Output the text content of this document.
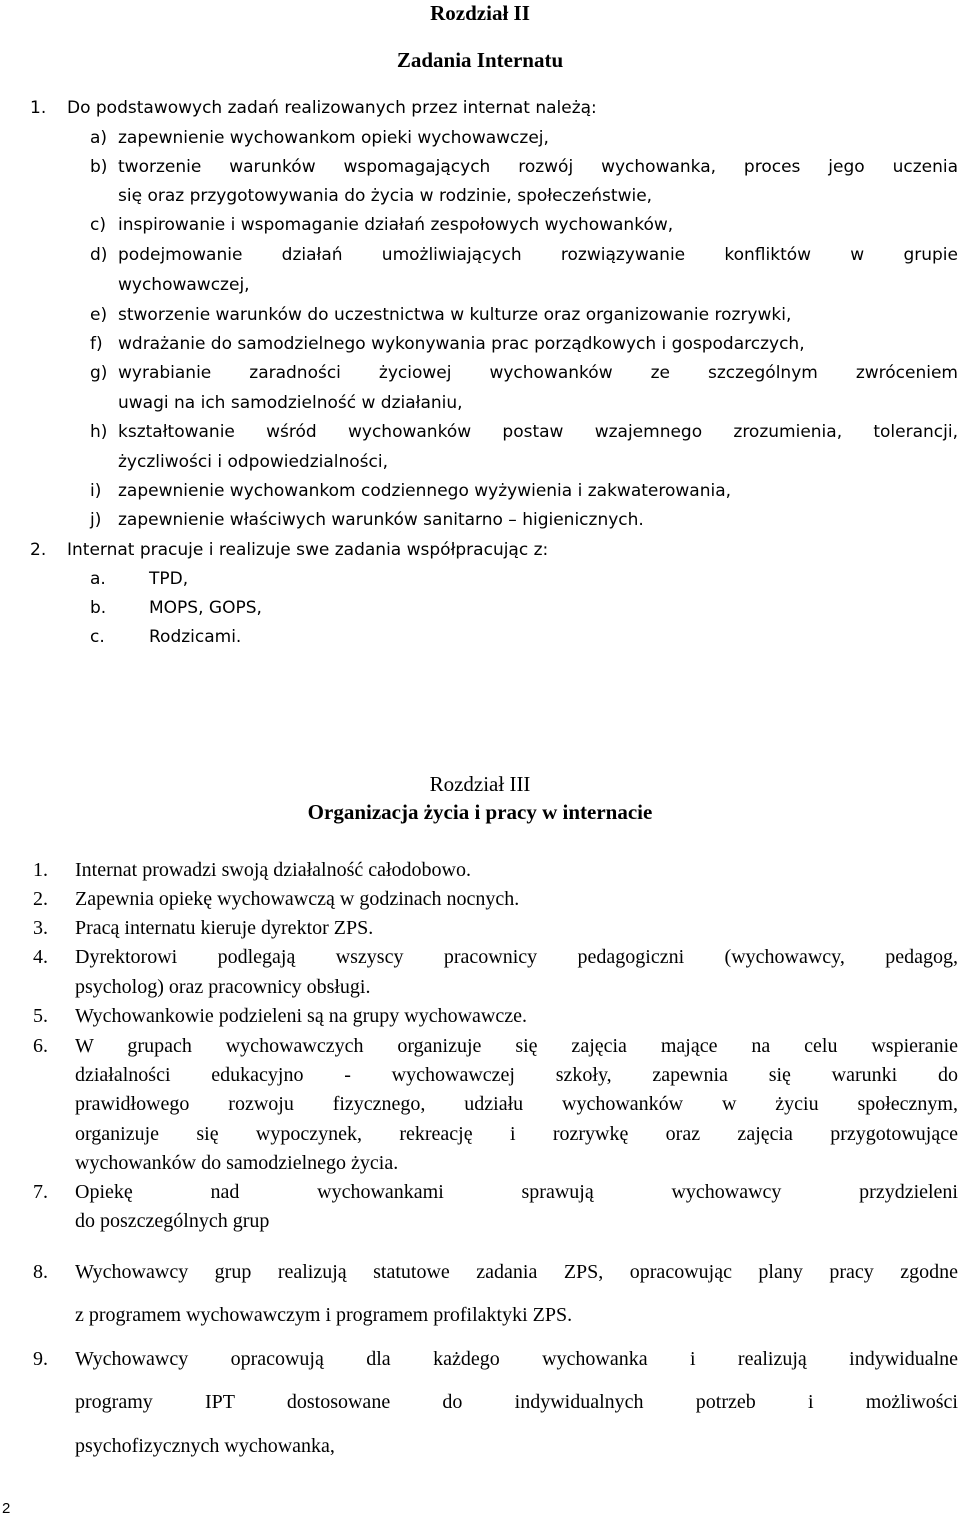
Rozdział II
Zadania Internatu
1. Do podstawowych zadań realizowanych przez internat należą:
a) zapewnienie wychowankom opieki wychowawczej,
b) tworzenie warunków wspomagających rozwój wychowanka, proces jego uczenia
się oraz przygotowywania do życia w rodzinie, społeczeństwie,
c) inspirowanie i wspomaganie działań zespołowych wychowanków,
d) podejmowanie działań umożliwiających rozwiązywanie konfliktów w grupie
wychowawczej,
e) stworzenie warunków do uczestnictwa w kulturze oraz organizowanie rozrywki,
f) wdrażanie do samodzielnego wykonywania prac porządkowych i gospodarczych,
g) wyrabianie zaradności życiowej wychowanków ze szczególnym zwróceniem
uwagi na ich samodzielność w działaniu,
h) kształtowanie wśród wychowanków postaw wzajemnego zrozumienia, tolerancji,
życzliwości i odpowiedzialności,
i) zapewnienie wychowankom codziennego wyżywienia i zakwaterowania,
j) zapewnienie właściwych warunków sanitarno – higienicznych.
2. Internat pracuje i realizuje swe zadania współpracując z:
a.	TPD,
b.	MOPS, GOPS,
c.	Rodzicami.
Rozdział III
Organizacja życia i pracy w internacie
1. Internat prowadzi swoją działalność całodobowo.
2. Zapewnia opiekę wychowawczą w godzinach nocnych.
3. Pracą internatu kieruje dyrektor ZPS.
4. Dyrektorowi podlegają wszyscy pracownicy pedagogiczni (wychowawcy, pedagog,
psycholog) oraz pracownicy obsługi.
5. Wychowankowie podzieleni są na grupy wychowawcze.
6. W grupach wychowawczych organizuje się zajęcia mające na celu wspieranie
działalności edukacyjno - wychowawczej szkoły, zapewnia się warunki do
prawidłowego rozwoju fizycznego, udziału wychowanków w życiu społecznym,
organizuje się wypoczynek, rekreację i rozrywkę oraz zajęcia przygotowujące
wychowanków do samodzielnego życia.
7. Opiekę nad wychowankami sprawują wychowawcy przydzieleni
do poszczególnych grup
8. Wychowawcy grup realizują statutowe zadania ZPS, opracowując plany pracy zgodne
z programem wychowawczym i programem profilaktyki ZPS.
9. Wychowawcy opracowują dla każdego wychowanka i realizują indywidualne
programy IPT dostosowane do indywidualnych potrzeb i możliwości
psychofizycznych wychowanka,
2
